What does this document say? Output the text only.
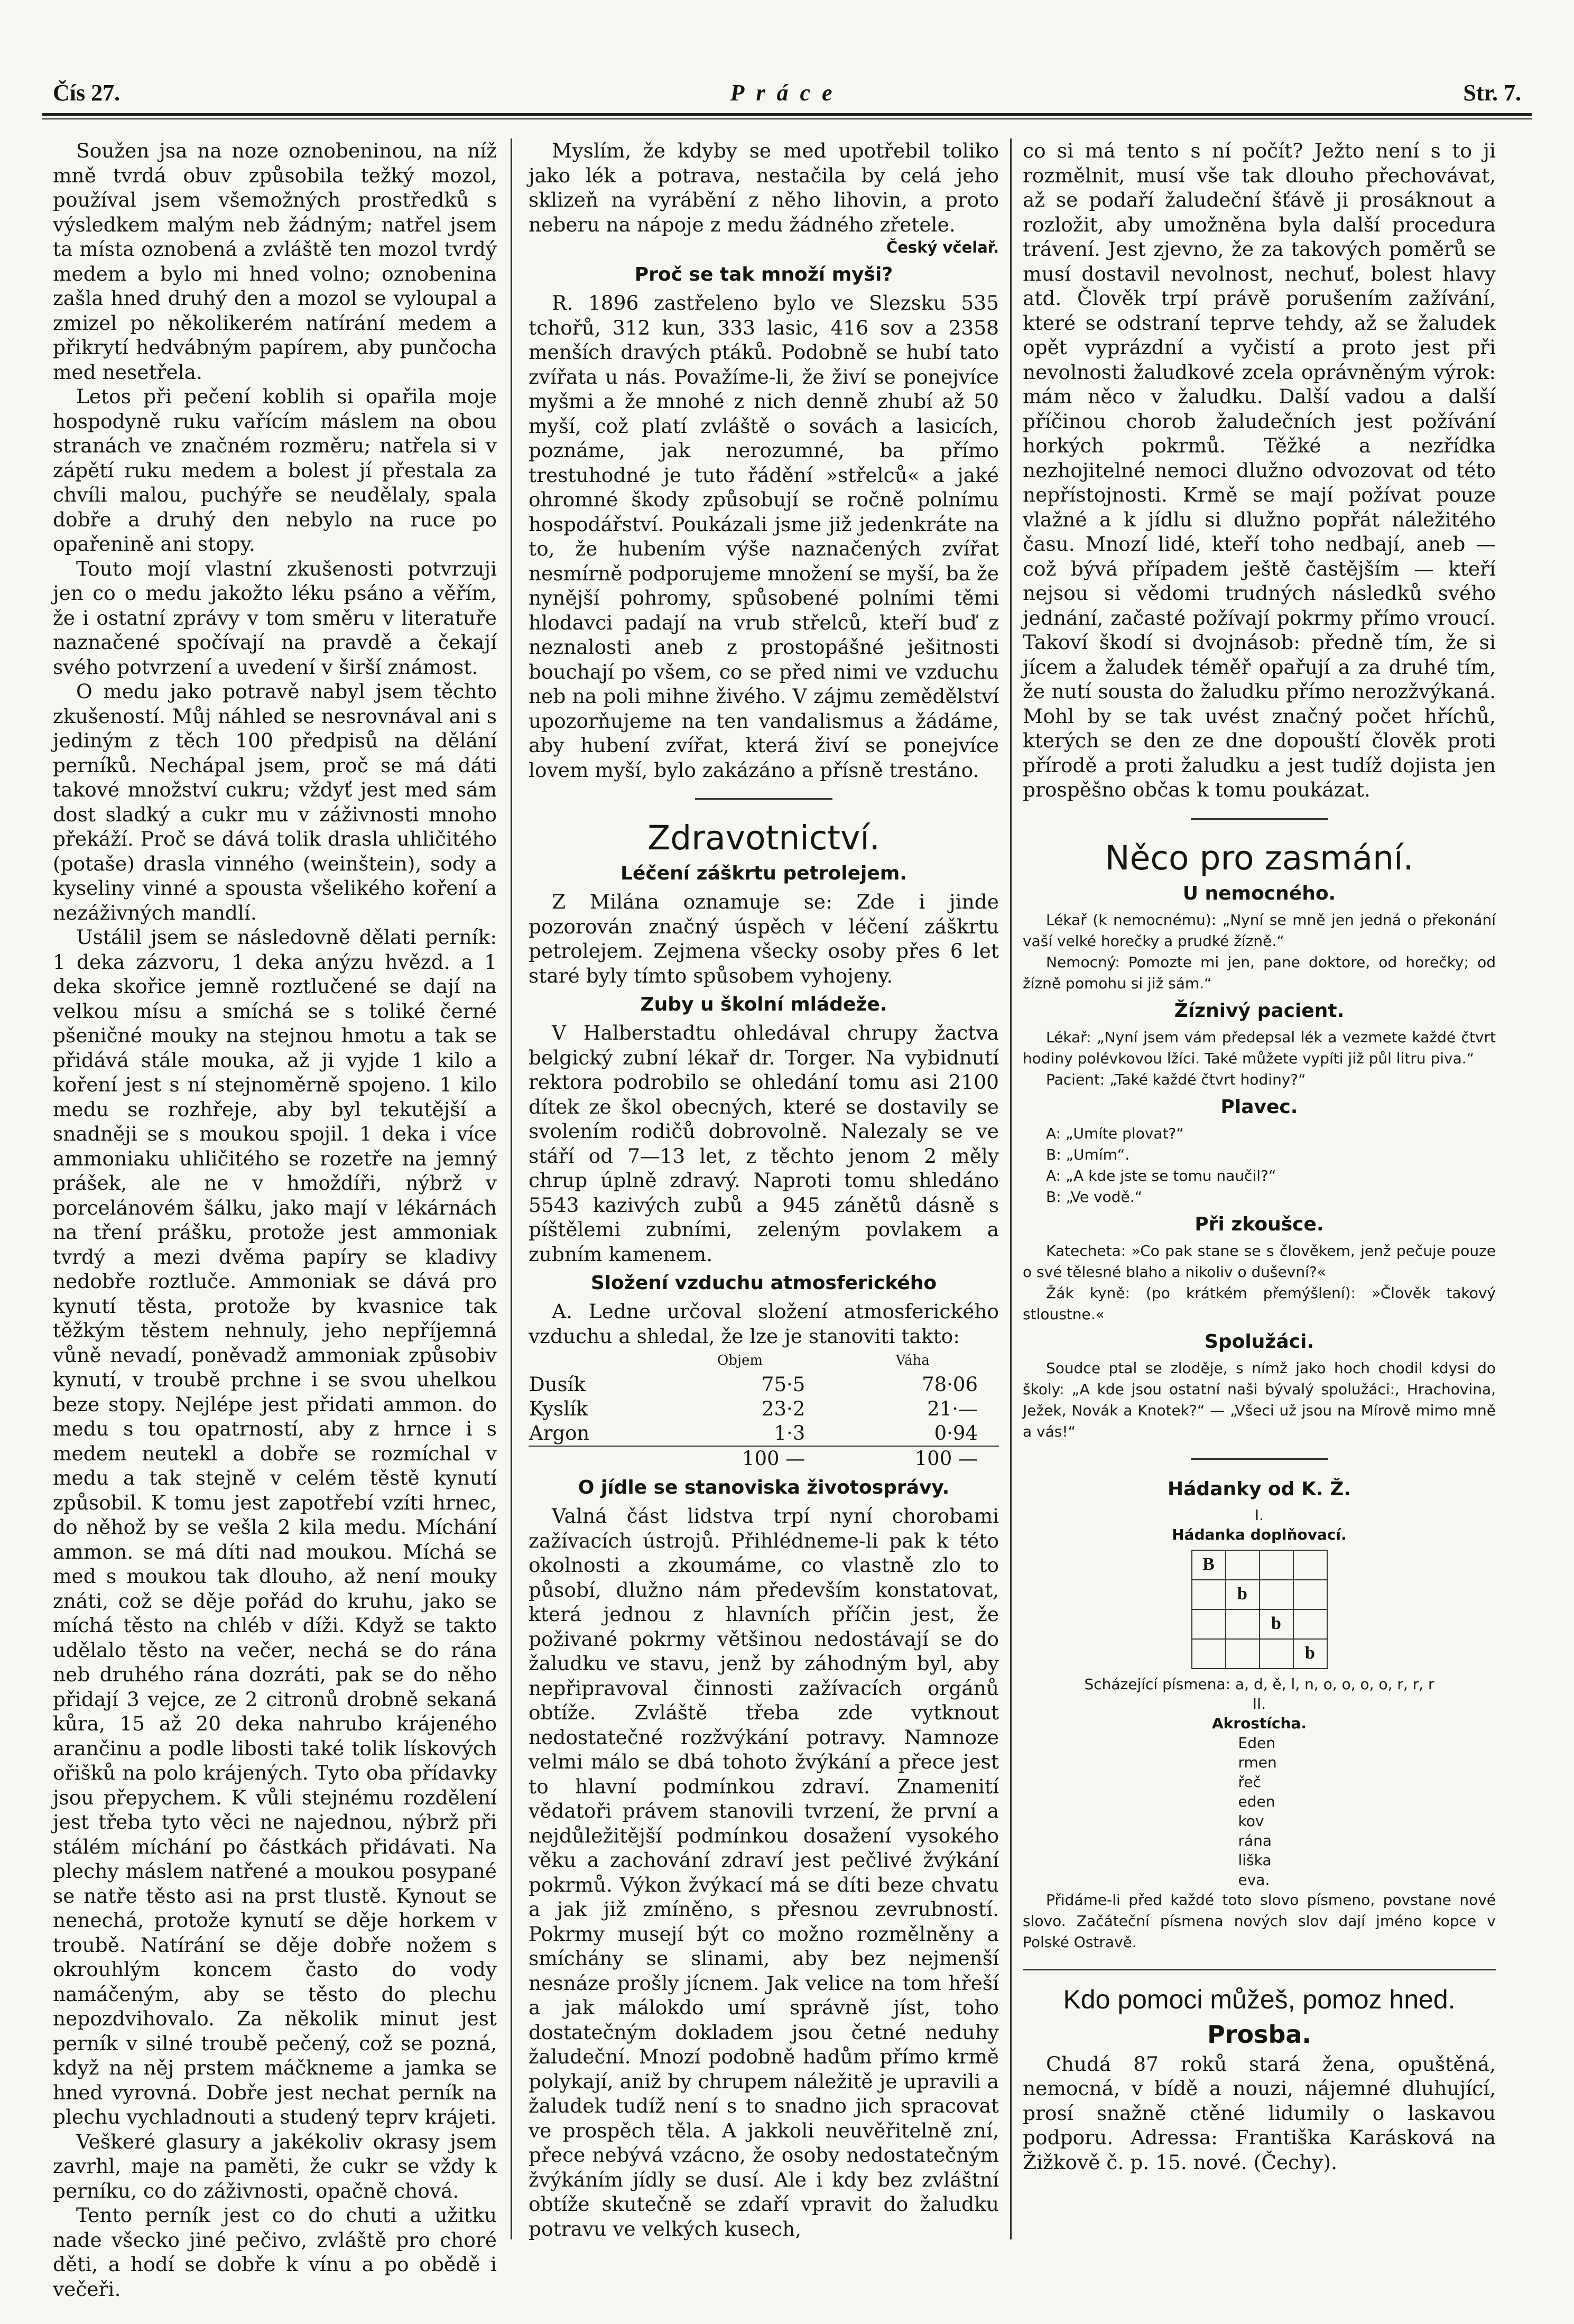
Čís 27.	Práce	Str. 7.

Soužen jsa na noze oznobeninou, na níž mně tvrdá obuv způsobila težký mozol, používal jsem všemožných prostředků s výsledkem malým neb žádným; natřel jsem ta místa oznobená a zvláště ten mozol tvrdý medem a bylo mi hned volno; oznobenina zašla hned druhý den a mozol se vyloupal a zmizel po několikerém natírání medem a přikrytí hedvábným papírem, aby punčocha med nesetřela.

Letos při pečení koblih si opařila moje hospodyně ruku vařícím máslem na obou stranách ve značném rozměru; natřela si v zápětí ruku medem a bolest jí přestala za chvíli malou, puchýře se neudělaly, spala dobře a druhý den nebylo na ruce po opařenině ani stopy.

Touto mojí vlastní zkušenosti potvrzuji jen co o medu jakožto léku psáno a věřím, že i ostatní zprávy v tom směru v literatuře naznačené spočívají na pravdě a čekají svého potvrzení a uvedení v širší známost.

O medu jako potravě nabyl jsem těchto zkušeností. Můj náhled se nesrovnával ani s jediným z těch 100 předpisů na dělání perníků. Nechápal jsem, proč se má dáti takové množství cukru; vždyť jest med sám dost sladký a cukr mu v záživnosti mnoho překáží. Proč se dává tolik drasla uhličitého (potaše) drasla vinného (weinštein), sody a kyseliny vinné a spousta všelikého koření a nezáživných mandlí.

Ustálil jsem se následovně dělati perník: 1 deka zázvoru, 1 deka anýzu hvězd. a 1 deka skořice jemně roztlučené se dají na velkou mísu a smíchá se s toliké černé pšeničné mouky na stejnou hmotu a tak se přidává stále mouka, až ji vyjde 1 kilo a koření jest s ní stejnoměrně spojeno. 1 kilo medu se rozhřeje, aby byl tekutější a snadněji se s moukou spojil. 1 deka i více ammoniaku uhličitého se rozetře na jemný prášek, ale ne v hmoždíři, nýbrž v porcelánovém šálku, jako mají v lékárnách na tření prášku, protože jest ammoniak tvrdý a mezi dvěma papíry se kladivy nedobře roztluče. Ammoniak se dává pro kynutí těsta, protože by kvasnice tak těžkým těstem nehnuly, jeho nepříjemná vůně nevadí, poněvadž ammoniak způsobiv kynutí, v troubě prchne i se svou uhelkou beze stopy. Nejlépe jest přidati ammon. do medu s tou opatrností, aby z hrnce i s medem neutekl a dobře se rozmíchal v medu a tak stejně v celém těstě kynutí způsobil. K tomu jest zapotřebí vzíti hrnec, do něhož by se vešla 2 kila medu. Míchání ammon. se má díti nad moukou. Míchá se med s moukou tak dlouho, až není mouky znáti, což se děje pořád do kruhu, jako se míchá těsto na chléb v díži. Když se takto udělalo těsto na večer, nechá se do rána neb druhého rána dozráti, pak se do něho přidají 3 vejce, ze 2 citronů drobně sekaná kůra, 15 až 20 deka nahrubo krájeného arančinu a podle libosti také tolik lískových ořišků na polo krájených. Tyto oba přídavky jsou přepychem. K vůli stejnému rozdělení jest třeba tyto věci ne najednou, nýbrž při stálém míchání po částkách přidávati. Na plechy máslem natřené a moukou posypané se natře těsto asi na prst tlustě. Kynout se nenechá, protože kynutí se děje horkem v troubě. Natírání se děje dobře nožem s okrouhlým koncem často do vody namáčeným, aby se těsto do plechu nepozdvihovalo. Za několik minut jest perník v silné troubě pečený, což se pozná, když na něj prstem máčkneme a jamka se hned vyrovná. Dobře jest nechat perník na plechu vychladnouti a studený teprv krájeti.

Veškeré glasury a jakékoliv okrasy jsem zavrhl, maje na paměti, že cukr se vždy k perníku, co do záživnosti, opačně chová.

Tento perník jest co do chuti a užitku nade všecko jiné pečivo, zvláště pro choré děti, a hodí se dobře k vínu a po obědě i večeři.

Myslím, že kdyby se med upotřebil toliko jako lék a potrava, nestačila by celá jeho sklizeň na vyrábění z něho lihovin, a proto neberu na nápoje z medu žádného zřetele.

Český včelař.
Proč se tak množí myši?

R. 1896 zastřeleno bylo ve Slezsku 535 tchořů, 312 kun, 333 lasic, 416 sov a 2358 menších dravých ptáků. Podobně se hubí tato zvířata u nás. Považíme-li, že živí se ponejvíce myšmi a že mnohé z nich denně zhubí až 50 myší, což platí zvláště o sovách a lasicích, poznáme, jak nerozumné, ba přímo trestuhodné je tuto řádění »střelců« a jaké ohromné škody způsobují se ročně polnímu hospodářství. Poukázali jsme již jedenkráte na to, že hubením výše naznačených zvířat nesmírně podporujeme množení se myší, ba že nynější pohromy, spůsobené polními těmi hlodavci padají na vrub střelců, kteří buď z neznalosti aneb z prostopášné ješitnosti bouchají po všem, co se před nimi ve vzduchu neb na poli mihne živého. V zájmu zemědělství upozorňujeme na ten vandalismus a žádáme, aby hubení zvířat, která živí se ponejvíce lovem myší, bylo zakázáno a přísně trestáno.

Zdravotnictví.
Léčení záškrtu petrolejem.

Z Milána oznamuje se: Zde i jinde pozorován značný úspěch v léčení záškrtu petrolejem. Zejmena všecky osoby přes 6 let staré byly tímto spůsobem vyhojeny.

Zuby u školní mládeže.

V Halberstadtu ohledával chrupy žactva belgický zubní lékař dr. Torger. Na vybidnutí rektora podrobilo se ohledání tomu asi 2100 dítek ze škol obecných, které se dostavily se svolením rodičů dobrovolně. Nalezaly se ve stáří od 7—13 let, z těchto jenom 2 měly chrup úplně zdravý. Naproti tomu shledáno 5543 kazivých zubů a 945 zánětů dásně s píštělemi zubními, zeleným povlakem a zubním kamenem.

Složení vzduchu atmosferického

A. Ledne určoval složení atmosferického vzduchu a shledal, že lze je stanoviti takto:

	Objem	Váha
Dusík	75·5	78·06
Kyslík	23·2	21·—
Argon	1·3	0·94
	100 —	100 —
O jídle se stanoviska životosprávy.

Valná část lidstva trpí nyní chorobami zažívacích ústrojů. Přihlédneme-li pak k této okolnosti a zkoumáme, co vlastně zlo to působí, dlužno nám především konstatovat, která jednou z hlavních příčin jest, že poživané pokrmy většinou nedostávají se do žaludku ve stavu, jenž by záhodným byl, aby nepřipravoval činnosti zažívacích orgánů obtíže. Zvláště třeba zde vytknout nedostatečné rozžvýkání potravy. Namnoze velmi málo se dbá tohoto žvýkání a přece jest to hlavní podmínkou zdraví. Znamenití vědatoři právem stanovili tvrzení, že první a nejdůležitější podmínkou dosažení vysokého věku a zachování zdraví jest pečlivé žvýkání pokrmů. Výkon žvýkací má se díti beze chvatu a jak již zmíněno, s přesnou zevrubností. Pokrmy musejí být co možno rozmělněny a smíchány se slinami, aby bez nejmenší nesnáze prošly jícnem. Jak velice na tom hřeší a jak málokdo umí správně jíst, toho dostatečným dokladem jsou četné neduhy žaludeční. Mnozí podobně hadům přímo krmě polykají, aniž by chrupem náležitě je upravili a žaludek tudíž není s to snadno jich spracovat ve prospěch těla. A jakkoli neuvěřitelně zní, přece nebývá vzácno, že osoby nedostatečným žvýkáním jídly se dusí. Ale i kdy bez zvláštní obtíže skutečně se zdaří vpravit do žaludku potravu ve velkých kusech,

co si má tento s ní počít? Ježto není s to ji rozmělnit, musí vše tak dlouho přechovávat, až se podaří žaludeční šťávě ji prosáknout a rozložit, aby umožněna byla další procedura trávení. Jest zjevno, že za takových poměrů se musí dostavil nevolnost, nechuť, bolest hlavy atd. Člověk trpí právě porušením zažívání, které se odstraní teprve tehdy, až se žaludek opět vyprázdní a vyčistí a proto jest při nevolnosti žaludkové zcela oprávněným výrok: mám něco v žaludku. Další vadou a další příčinou chorob žaludečních jest požívání horkých pokrmů. Těžké a nezřídka nezhojitelné nemoci dlužno odvozovat od této nepřístojnosti. Krmě se mají požívat pouze vlažné a k jídlu si dlužno popřát náležitého času. Mnozí lidé, kteří toho nedbají, aneb — což bývá případem ještě častějším — kteří nejsou si vědomi trudných následků svého jednání, začasté požívají pokrmy přímo vroucí. Takoví škodí si dvojnásob: předně tím, že si jícem a žaludek téměř opařují a za druhé tím, že nutí sousta do žaludku přímo nerozžvýkaná. Mohl by se tak uvést značný počet hříchů, kterých se den ze dne dopouští člověk proti přírodě a proti žaludku a jest tudíž dojista jen prospěšno občas k tomu poukázat.

Něco pro zasmání.
U nemocného.

Lékař (k nemocnému): „Nyní se mně jen jedná o překonání vaší velké horečky a prudké žízně.“

Nemocný: Pomozte mi jen, pane doktore, od horečky; od žízně pomohu si již sám.“

Žíznivý pacient.

Lékař: „Nyní jsem vám předepsal lék a vezmete každé čtvrt hodiny polévkovou lžíci. Také můžete vypíti již půl litru piva.“

Pacient: „Také každé čtvrt hodiny?“

Plavec.

A: „Umíte plovat?“

B: „Umím“.

A: „A kde jste se tomu naučil?“

B: „Ve vodě.“

Při zkoušce.

Katecheta: »Co pak stane se s člověkem, jenž pečuje pouze o své tělesné blaho a nikoliv o duševní?«

Žák kyně: (po krátkém přemýšlení): »Člověk takový stloustne.«

Spolužáci.

Soudce ptal se zloděje, s nímž jako hoch chodil kdysi do školy: „A kde jsou ostatní naši bývalý spolužáci:, Hrachovina, Ježek, Novák a Knotek?“ — „Všeci už jsou na Mírově mimo mně a vás!“

Hádanky od K. Ž.
I.
Hádanka doplňovací.
B			
	b		
		b	
			b
Scházející písmena: a, d, ě, l, n, o, o, o, o, r, r, r
II.
Akrostícha.
Eden
rmen
řeč
eden
kov
rána
liška
eva.

Přidáme-li před každé toto slovo písmeno, povstane nové slovo. Začáteční písmena nových slov dají jméno kopce v Polské Ostravě.

Kdo pomoci můžeš, pomoz hned.
Prosba.

Chudá 87 roků stará žena, opuštěná, nemocná, v bídě a nouzi, nájemné dluhující, prosí snažně ctěné lidumily o laskavou podporu. Adressa: Františka Karásková na Žižkově č. p. 15. nové. (Čechy).
